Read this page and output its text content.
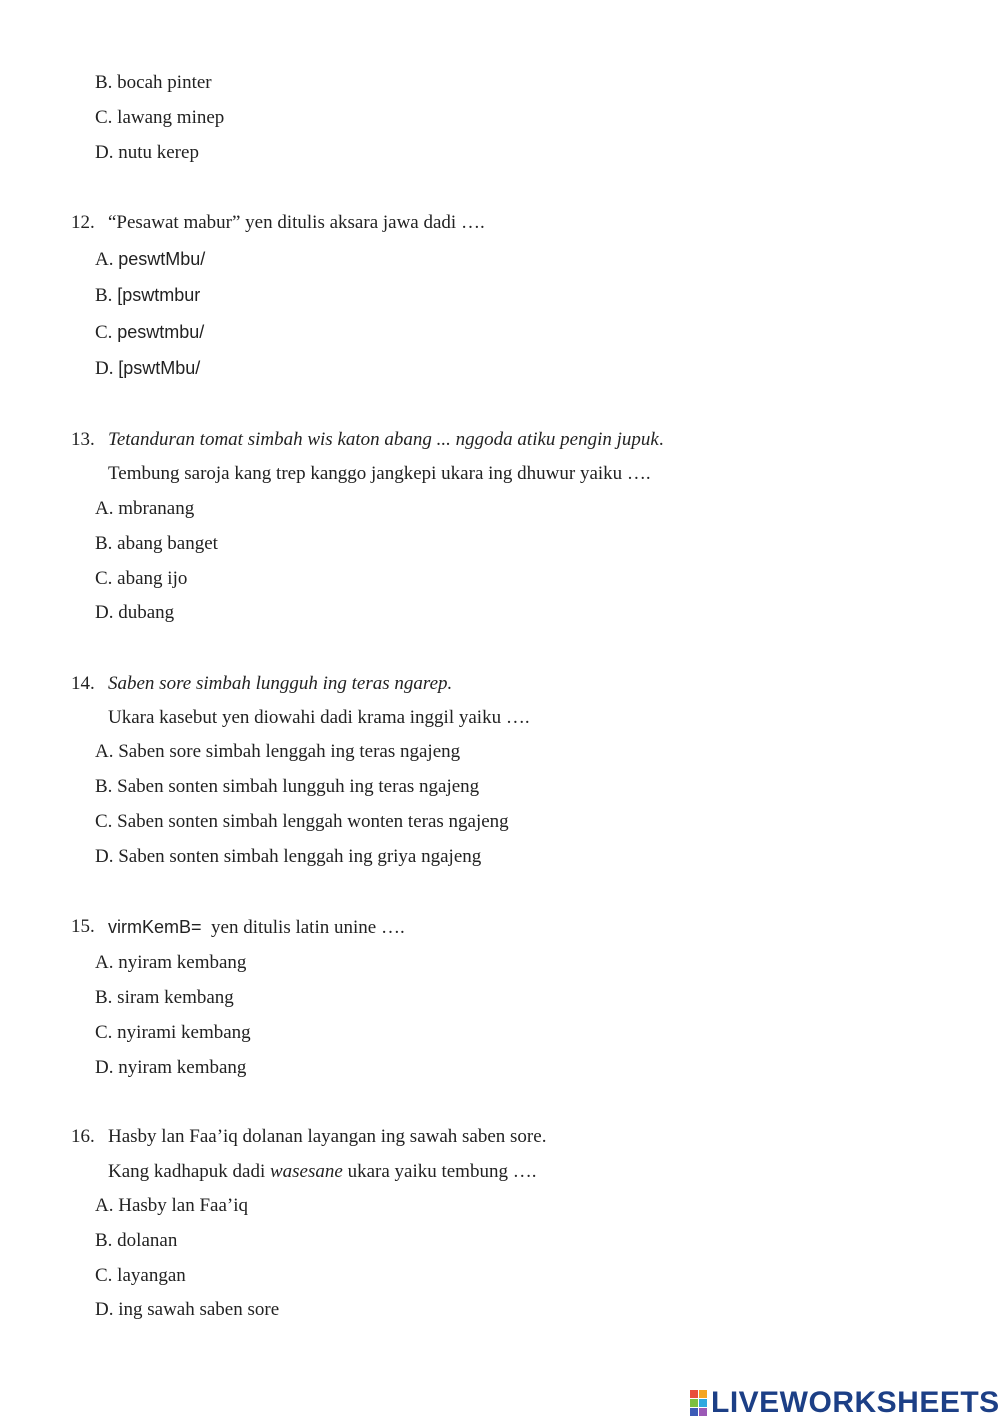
B. bocah pinter
C. lawang minep
D. nutu kerep
12. “Pesawat mabur” yen ditulis aksara jawa dadi ….
A. peswtMbu/
B. [pswtmbur
C. peswtmbu/
D. [pswtMbu/
13. Tetanduran tomat simbah wis katon abang ... nggoda atiku pengin jupuk.
Tembung saroja kang trep kanggo jangkepi ukara ing dhuwur yaiku ….
A. mbranang
B. abang banget
C. abang ijo
D. dubang
14. Saben sore simbah lungguh ing teras ngarep.
Ukara kasebut yen diowahi dadi krama inggil yaiku ….
A. Saben sore simbah lenggah ing teras ngajeng
B. Saben sonten simbah lungguh ing teras ngajeng
C. Saben sonten simbah lenggah wonten teras ngajeng
D. Saben sonten simbah lenggah ing griya ngajeng
15. virmKemB= yen ditulis latin unine ….
A. nyiram kembang
B. siram kembang
C. nyirami kembang
D. nyiram kembang
16. Hasby lan Faa’iq dolanan layangan ing sawah saben sore.
Kang kadhapuk dadi wasesane ukara yaiku tembung ….
A. Hasby lan Faa’iq
B. dolanan
C. layangan
D. ing sawah saben sore
LIVEWORKSHEETS
